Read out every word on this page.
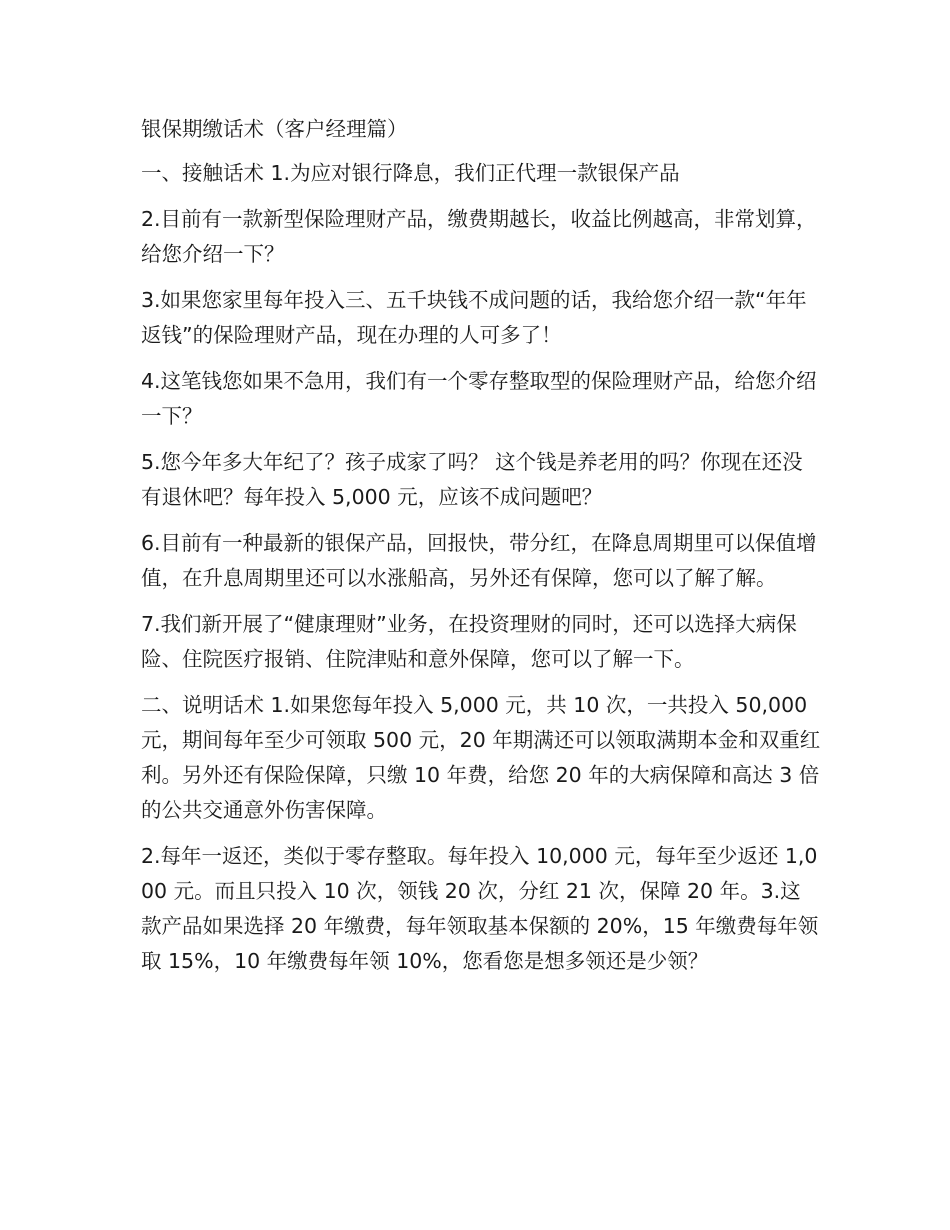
银保期缴话术（客户经理篇）

一、接触话术 1.为应对银行降息，我们正代理一款银保产品

2.目前有一款新型保险理财产品，缴费期越长，收益比例越高，非常划算，给您介绍一下？

3.如果您家里每年投入三、五千块钱不成问题的话，我给您介绍一款“年年返钱”的保险理财产品，现在办理的人可多了！

4.这笔钱您如果不急用，我们有一个零存整取型的保险理财产品，给您介绍一下？

5.您今年多大年纪了？孩子成家了吗？ 这个钱是养老用的吗？你现在还没有退休吧？每年投入 5,000 元，应该不成问题吧？

6.目前有一种最新的银保产品，回报快，带分红，在降息周期里可以保值增值，在升息周期里还可以水涨船高，另外还有保障，您可以了解了解。

7.我们新开展了“健康理财”业务，在投资理财的同时，还可以选择大病保险、住院医疗报销、住院津贴和意外保障，您可以了解一下。

二、说明话术 1.如果您每年投入 5,000 元，共 10 次，一共投入 50,000 元，期间每年至少可领取 500 元，20 年期满还可以领取满期本金和双重红利。另外还有保险保障，只缴 10 年费，给您 20 年的大病保障和高达 3 倍的公共交通意外伤害保障。

2.每年一返还，类似于零存整取。每年投入 10,000 元，每年至少返还 1,000 元。而且只投入 10 次，领钱 20 次，分红 21 次，保障 20 年。3.这款产品如果选择 20 年缴费，每年领取基本保额的 20%，15 年缴费每年领取 15%，10 年缴费每年领 10%，您看您是想多领还是少领？
